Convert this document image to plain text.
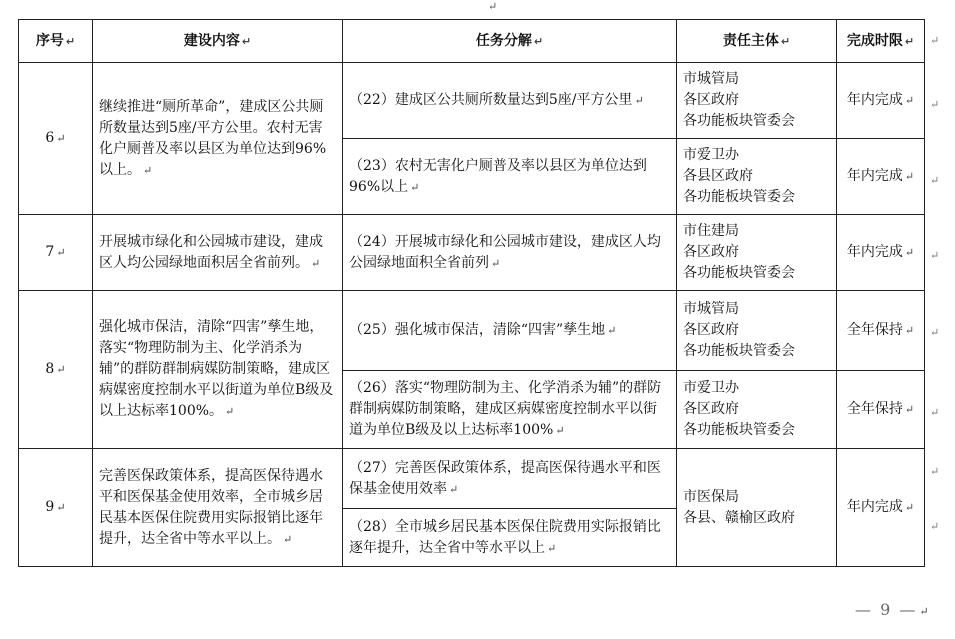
↵
序号 ↵	建设内容 ↵	任务分解 ↵	责任主体 ↵	完成时限 ↵
6 ↵	继续推进“厕所革命”，建成区公共厕所数量达到5座/平方公里。农村无害化户厕普及率以县区为单位达到96%以上。 ↵	（22）建成区公共厕所数量达到5座/平方公里 ↵	市城管局
各区政府
各功能板块管委会	年内完成 ↵
		（23）农村无害化户厕普及率以县区为单位达到96%以上 ↵	市爱卫办
各县区政府
各功能板块管委会	年内完成 ↵
7 ↵	开展城市绿化和公园城市建设，建成区人均公园绿地面积居全省前列。 ↵	（24）开展城市绿化和公园城市建设，建成区人均公园绿地面积全省前列 ↵	市住建局
各区政府
各功能板块管委会	年内完成 ↵
8 ↵	强化城市保洁，清除“四害”孳生地，落实“物理防制为主、化学消杀为辅”的群防群制病媒防制策略，建成区病媒密度控制水平以街道为单位B级及以上达标率100%。 ↵	（25）强化城市保洁，清除“四害”孳生地 ↵	市城管局
各区政府
各功能板块管委会	全年保持 ↵
		（26）落实“物理防制为主、化学消杀为辅”的群防群制病媒防制策略，建成区病媒密度控制水平以街道为单位B级及以上达标率100% ↵	市爱卫办
各区政府
各功能板块管委会	全年保持 ↵
9 ↵	完善医保政策体系，提高医保待遇水平和医保基金使用效率，全市城乡居民基本医保住院费用实际报销比逐年提升，达全省中等水平以上。 ↵	（27）完善医保政策体系，提高医保待遇水平和医保基金使用效率 ↵	市医保局
各县、赣榆区政府	年内完成 ↵
		（28）全市城乡居民基本医保住院费用实际报销比逐年提升，达全省中等水平以上 ↵		
↵
↵
↵
↵
↵
↵
↵
↵
— 9 — ↵
